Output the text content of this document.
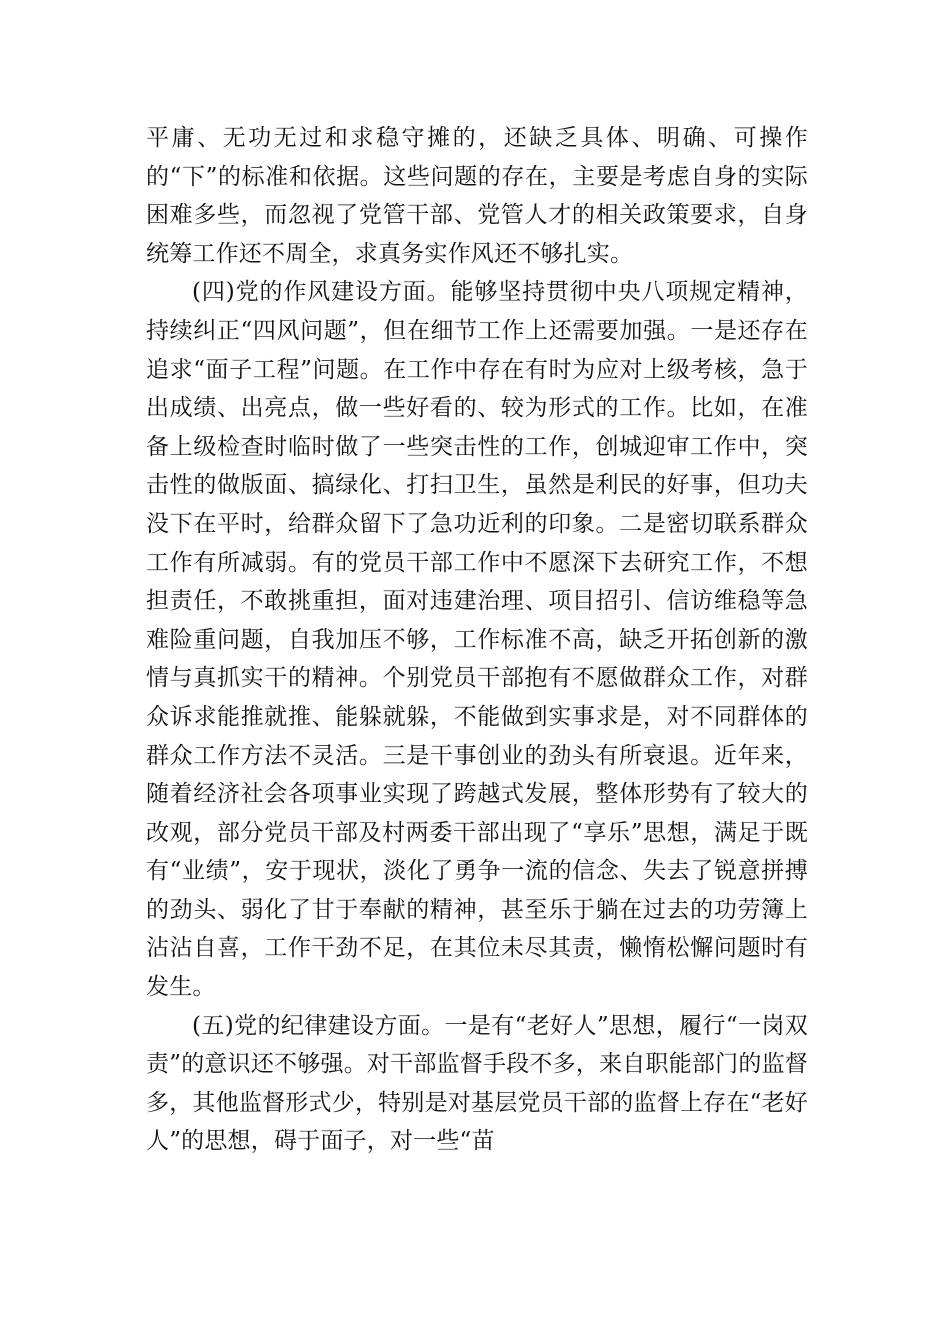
平庸、无功无过和求稳守摊的，还缺乏具体、明确、可操作的“下”的标准和依据。这些问题的存在，主要是考虑自身的实际困难多些，而忽视了党管干部、党管人才的相关政策要求，自身统筹工作还不周全，求真务实作风还不够扎实。

(四)党的作风建设方面。能够坚持贯彻中央八项规定精神，持续纠正“四风问题”，但在细节工作上还需要加强。一是还存在追求“面子工程”问题。在工作中存在有时为应对上级考核，急于出成绩、出亮点，做一些好看的、较为形式的工作。比如，在准备上级检查时临时做了一些突击性的工作，创城迎审工作中，突击性的做版面、搞绿化、打扫卫生，虽然是利民的好事，但功夫没下在平时，给群众留下了急功近利的印象。二是密切联系群众工作有所减弱。有的党员干部工作中不愿深下去研究工作，不想担责任，不敢挑重担，面对违建治理、项目招引、信访维稳等急难险重问题，自我加压不够，工作标准不高，缺乏开拓创新的激情与真抓实干的精神。个别党员干部抱有不愿做群众工作，对群众诉求能推就推、能躲就躲，不能做到实事求是，对不同群体的群众工作方法不灵活。三是干事创业的劲头有所衰退。近年来，随着经济社会各项事业实现了跨越式发展，整体形势有了较大的改观，部分党员干部及村两委干部出现了“享乐”思想，满足于既有“业绩”，安于现状，淡化了勇争一流的信念、失去了锐意拼搏的劲头、弱化了甘于奉献的精神，甚至乐于躺在过去的功劳簿上沾沾自喜，工作干劲不足，在其位未尽其责，懒惰松懈问题时有发生。

(五)党的纪律建设方面。一是有“老好人”思想，履行“一岗双责”的意识还不够强。对干部监督手段不多，来自职能部门的监督多，其他监督形式少，特别是对基层党员干部的监督上存在“老好人”的思想，碍于面子，对一些“苗
